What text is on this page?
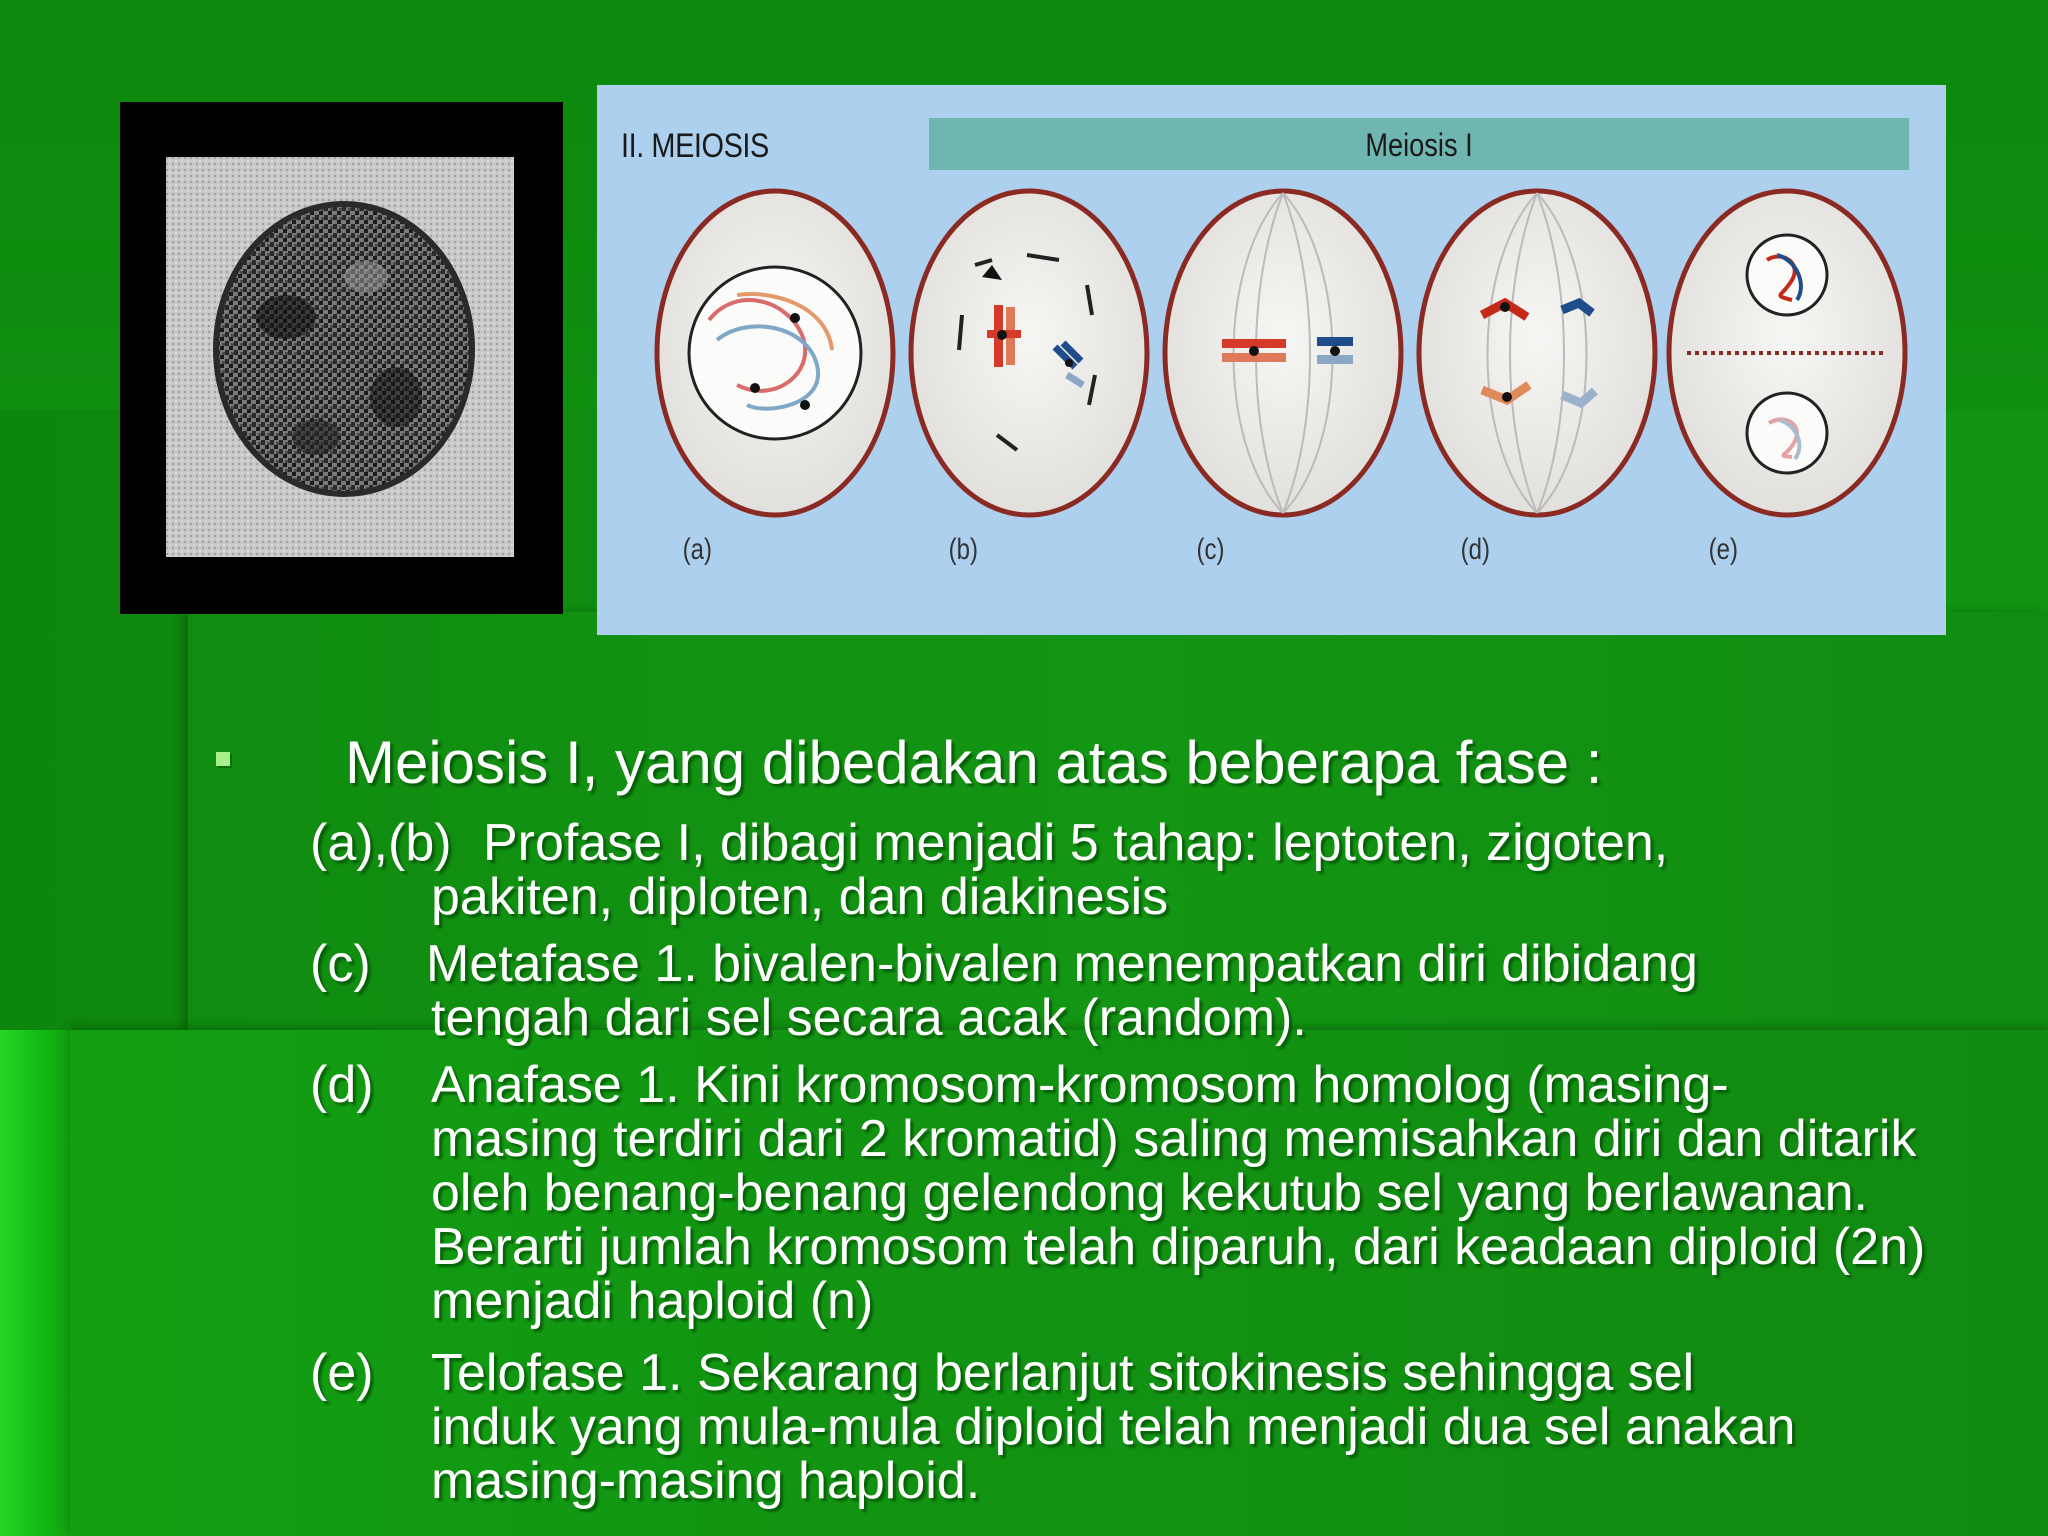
II. MEIOSIS	Meiosis I
(a)	(b)	(c)	(d)	(e)
Meiosis I, yang dibedakan atas beberapa fase :
(a),(b) Profase I, dibagi menjadi 5 tahap: leptoten, zigoten,
pakiten, diploten, dan diakinesis
(c) Metafase 1. bivalen-bivalen menempatkan diri dibidang
tengah dari sel secara acak (random).
(d) Anafase 1. Kini kromosom-kromosom homolog (masing-
masing terdiri dari 2 kromatid) saling memisahkan diri dan ditarik oleh benang-benang gelendong kekutub sel yang berlawanan. Berarti jumlah kromosom telah diparuh, dari keadaan diploid (2n) menjadi haploid (n)
(e) Telofase 1. Sekarang berlanjut sitokinesis sehingga sel
induk yang mula-mula diploid telah menjadi dua sel anakan masing-masing haploid.
